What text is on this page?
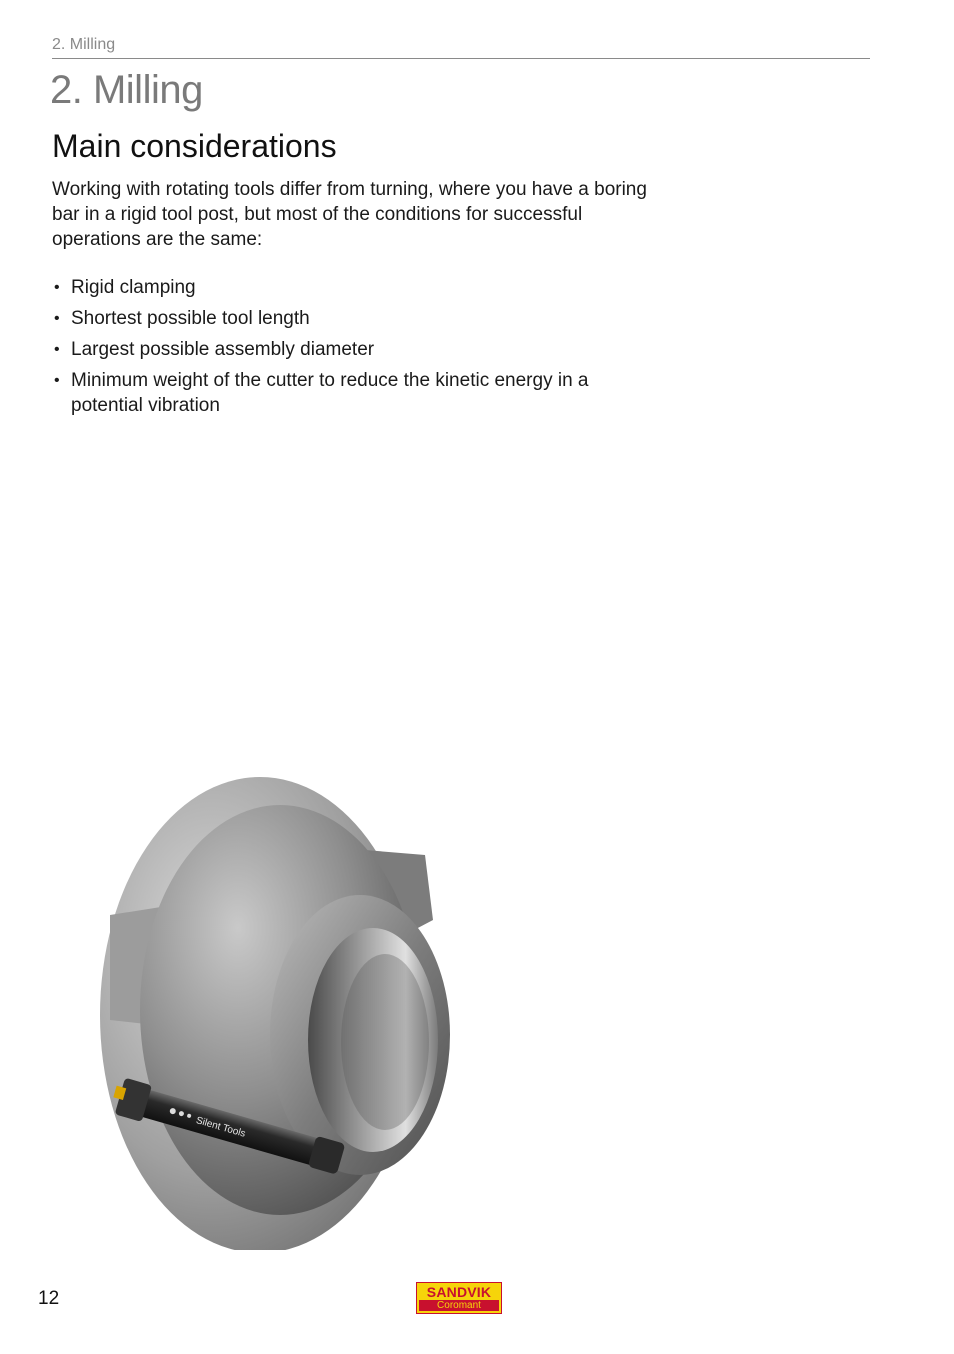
2. Milling
2. Milling
Main considerations

Working with rotating tools differ from turning, where you have a boring bar in a rigid tool post, but most of the conditions for successful operations are the same:

• Rigid clamping
• Shortest possible tool length
• Largest possible assembly diameter
• Minimum weight of the cutter to reduce the kinetic energy in a potential vibration
Silent Tools
12	SANDVIK
Coromant
